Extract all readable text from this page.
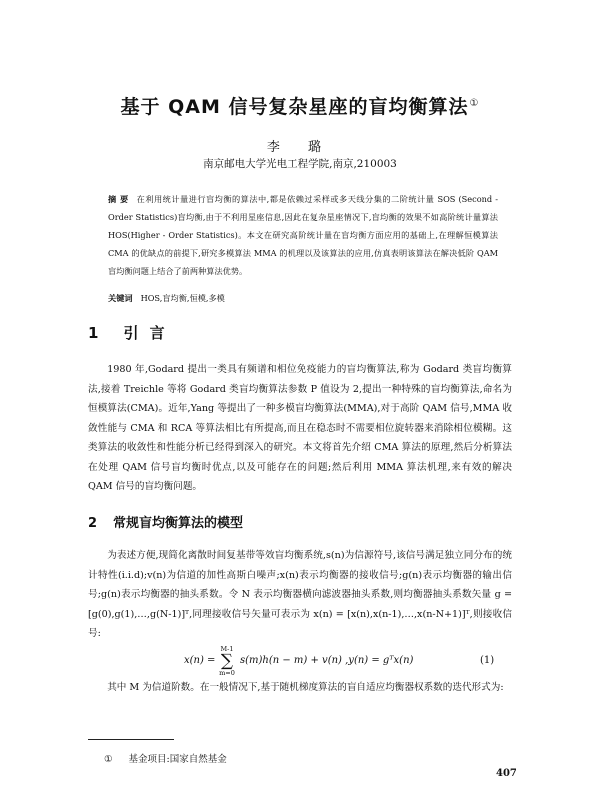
基于 QAM 信号复杂星座的盲均衡算法①
李 璐
南京邮电大学光电工程学院,南京,210003
摘 要 在利用统计量进行盲均衡的算法中,都是依赖过采样或多天线分集的二阶统计量 SOS (Second - Order Statistics)盲均衡,由于不利用星座信息,因此在复杂星座情况下,盲均衡的效果不如高阶统计量算法 HOS(Higher - Order Statistics)。本文在研究高阶统计量在盲均衡方面应用的基础上,在理解恒模算法 CMA 的优缺点的前提下,研究多模算法 MMA 的机理以及该算法的应用,仿真表明该算法在解决低阶 QAM 盲均衡问题上结合了前两种算法优势。
关键词 HOS,盲均衡,恒模,多模
1 引 言
1980 年,Godard 提出一类具有频谱和相位免疫能力的盲均衡算法,称为 Godard 类盲均衡算法,接着 Treichle 等将 Godard 类盲均衡算法参数 P 值设为 2,提出一种特殊的盲均衡算法,命名为恒模算法(CMA)。近年,Yang 等提出了一种多模盲均衡算法(MMA),对于高阶 QAM 信号,MMA 收敛性能与 CMA 和 RCA 等算法相比有所提高,而且在稳态时不需要相位旋转器来消除相位模糊。这类算法的收敛性和性能分析已经得到深入的研究。本文将首先介绍 CMA 算法的原理,然后分析算法在处理 QAM 信号盲均衡时优点,以及可能存在的问题;然后利用 MMA 算法机理,来有效的解决 QAM 信号的盲均衡问题。
2 常规盲均衡算法的模型
为表述方便,现简化离散时间复基带等效盲均衡系统,s(n)为信源符号,该信号满足独立同分布的统计特性(i.i.d);v(n)为信道的加性高斯白噪声;x(n)表示均衡器的接收信号;g(n)表示均衡器的输出信号;g(n)表示均衡器的抽头系数。令 N 表示均衡器横向滤波器抽头系数,则均衡器抽头系数矢量 g = [g(0),g(1),…,g(N-1)]ᵀ,同理接收信号矢量可表示为 x(n) = [x(n),x(n-1),…,x(n-N+1)]ᵀ,则接收信号:
x(n) =
M-1
∑
m=0
s(m)h(n − m) + v(n) ,y(n) = gᵀx(n)	(1)
其中 M 为信道阶数。在一般情况下,基于随机梯度算法的盲自适应均衡器权系数的迭代形式为:
① 基金项目:国家自然基金
407
